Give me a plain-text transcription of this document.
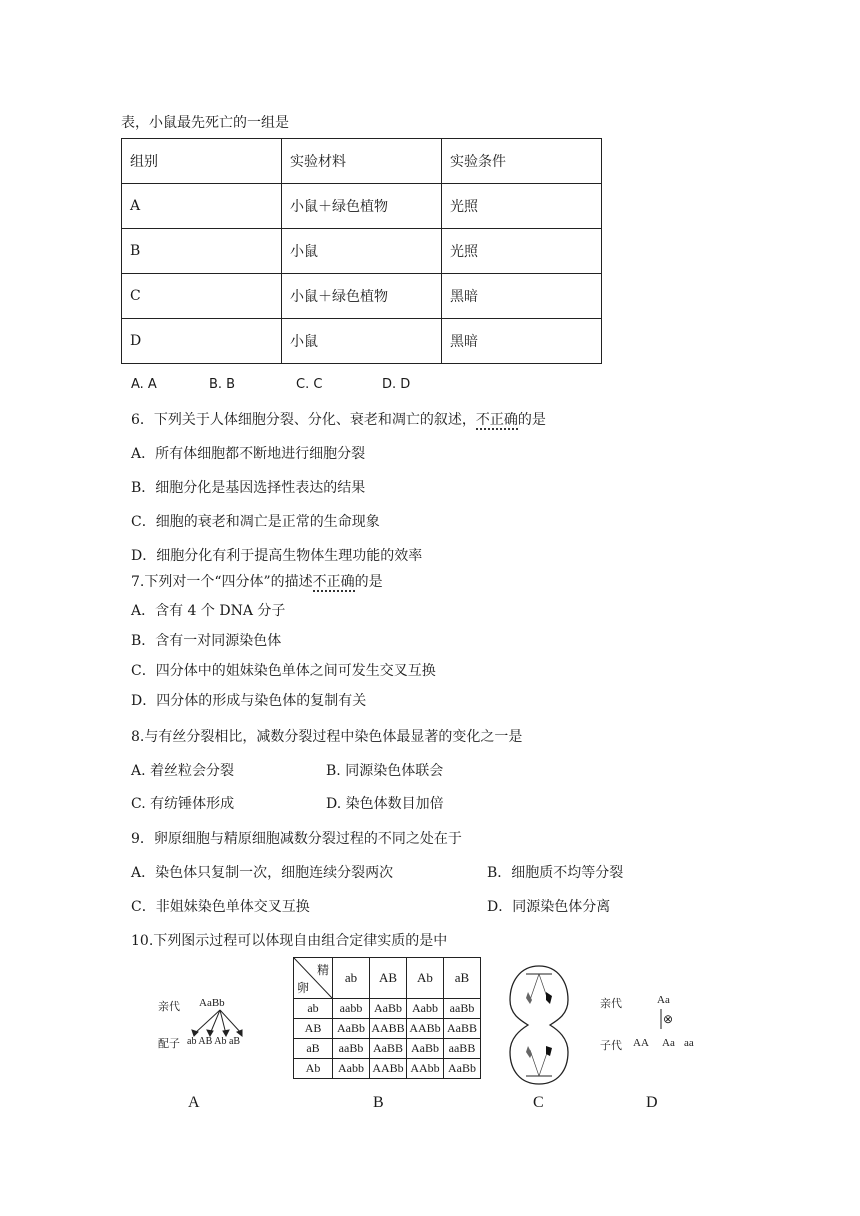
表，小鼠最先死亡的一组是
组别	实验材料	实验条件
A	小鼠＋绿色植物	光照
B	小鼠	光照
C	小鼠＋绿色植物	黑暗
D	小鼠	黑暗
A. A	B. B	C. C	D. D
6．下列关于人体细胞分裂、分化、衰老和凋亡的叙述，不正确的是
A．所有体细胞都不断地进行细胞分裂
B．细胞分化是基因选择性表达的结果
C．细胞的衰老和凋亡是正常的生命现象
D．细胞分化有利于提高生物体生理功能的效率
7.下列对一个“四分体”的描述不正确的是
A．含有 4 个 DNA 分子
B．含有一对同源染色体
C．四分体中的姐妹染色单体之间可发生交叉互换
D．四分体的形成与染色体的复制有关
8.与有丝分裂相比，减数分裂过程中染色体最显著的变化之一是
A. 着丝粒会分裂	B. 同源染色体联会
C. 有纺锤体形成	D. 染色体数目加倍
9．卵原细胞与精原细胞减数分裂过程的不同之处在于
A．染色体只复制一次，细胞连续分裂两次	B．细胞质不均等分裂
C．非姐妹染色单体交叉互换	D．同源染色体分离
10.下列图示过程可以体现自由组合定律实质的是中
亲代 AaBb
配子 ab AB Ab aB
精
卵	ab	AB	Ab	aB
ab	aabb	AaBb	Aabb	aaBb
AB	AaBb	AABB	AABb	AaBB
aB	aaBb	AaBB	AaBb	aaBB
Ab	Aabb	AABb	AAbb	AaBb
亲代	Aa
⊗
子代 AA Aa aa
A	B	C	D
